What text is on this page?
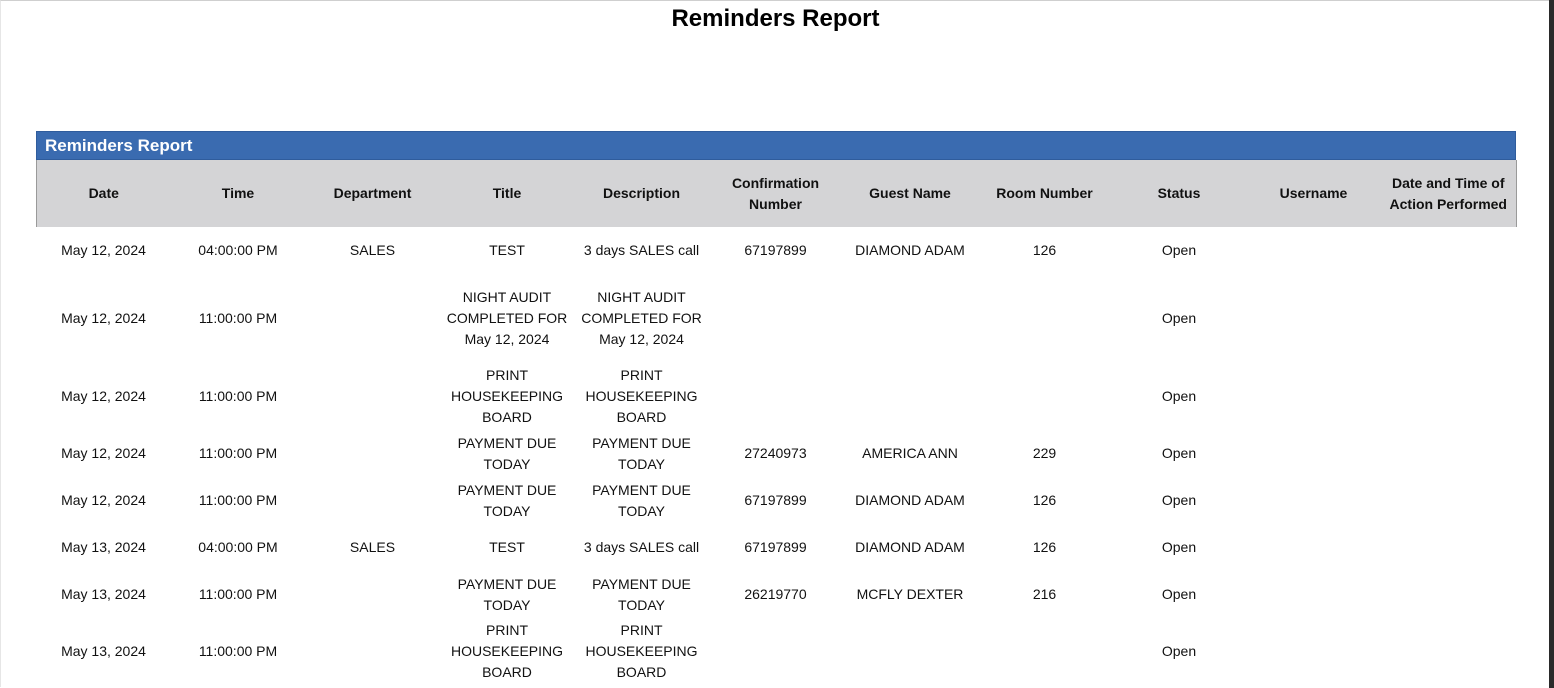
Reminders Report
Reminders Report
Date	Time	Department	Title	Description	Confirmation Number	Guest Name	Room Number	Status	Username	Date and Time of Action Performed
May 12, 2024	04:00:00 PM	SALES	TEST	3 days SALES call	67197899	DIAMOND ADAM	126	Open		
May 12, 2024	11:00:00 PM		NIGHT AUDIT COMPLETED FOR May 12, 2024	NIGHT AUDIT COMPLETED FOR May 12, 2024				Open		
May 12, 2024	11:00:00 PM		PRINT HOUSEKEEPING BOARD	PRINT HOUSEKEEPING BOARD				Open		
May 12, 2024	11:00:00 PM		PAYMENT DUE TODAY	PAYMENT DUE TODAY	27240973	AMERICA ANN	229	Open		
May 12, 2024	11:00:00 PM		PAYMENT DUE TODAY	PAYMENT DUE TODAY	67197899	DIAMOND ADAM	126	Open		
May 13, 2024	04:00:00 PM	SALES	TEST	3 days SALES call	67197899	DIAMOND ADAM	126	Open		
May 13, 2024	11:00:00 PM		PAYMENT DUE TODAY	PAYMENT DUE TODAY	26219770	MCFLY DEXTER	216	Open		
May 13, 2024	11:00:00 PM		PRINT HOUSEKEEPING BOARD	PRINT HOUSEKEEPING BOARD				Open		
